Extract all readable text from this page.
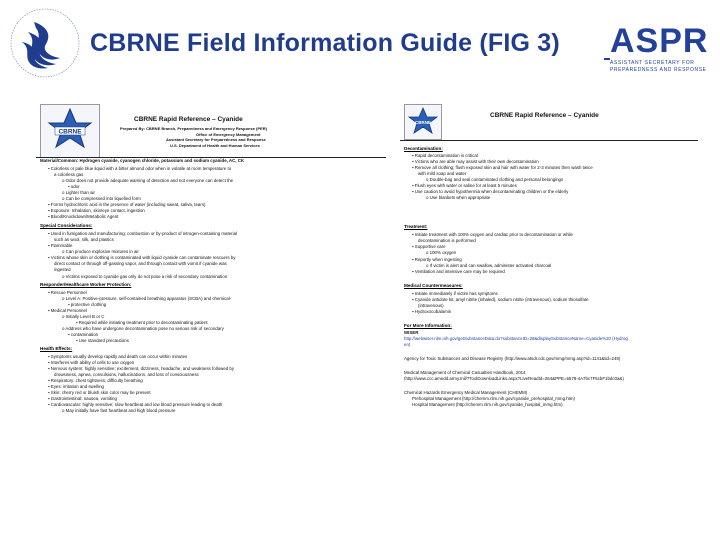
CBRNE Field Information Guide (FIG 3) ASPR
ASSISTANT SECRETARY FOR
PREPAREDNESS AND RESPONSE
CBRNE
CBRNE Rapid Reference – Cyanide
Prepared By: CBRNE Branch, Preparedness and Emergency Response (PER)
Office of Emergency Management
Assistant Secretary for Preparedness and Response
U.S. Department of Health and Human Services
Material/Common: Hydrogen cyanide, cyanogen chloride, potassium and sodium cyanide, AC, CK
▪ Colorless or pale blue liquid with a bitter almond odor when in volatile at room temperature to
a colorless gas
o Odor does not provide adequate warning of detection and not everyone can detect the
▪ odor
o Lighter than air
o Can be compressed into liquefied form
▪ Forms hydrochloric acid in the presence of water (including sweat, saliva, tears)
▪ Exposure: Inhalation, skin/eye contact, ingestion
▪ Blood/Knockdown/Metabolic Agent
Special Considerations:
▪ Used in fumigation and manufacturing; combustion or by-product of nitrogen-containing material
such as wool, silk, and plastics
▪ Flammable
o Can produce explosive mixtures in air
▪ Victims whose skin or clothing is contaminated with liquid cyanide can contaminate rescuers by
direct contact or through off-gassing vapor, and through contact with vomit if cyanide was
ingested
o Victims exposed to cyanide gas only do not pose a risk of secondary contamination
Responder/Healthcare Worker Protection:
▪ Rescue Personnel
o Level A: Positive-pressure, self-contained breathing apparatus (SCBA) and chemical-
▪ protective clothing
▪ Medical Personnel
o Initially Level B or C
▪ Required while initiating treatment prior to decontaminating patient
o Address who have undergone decontamination pose no serious risk of secondary
▪ contamination
▪ Use standard precautions
Health Effects:
▪ Symptoms usually develop rapidly and death can occur within minutes
▪ Interferes with ability of cells to use oxygen
▪ Nervous system: highly sensitive; excitement, dizziness, headache, and weakness followed by
drowsiness, apnea, convulsions, hallucinations, and loss of consciousness
▪ Respiratory: chest tightness; difficulty breathing
▪ Eyes: irritation and swelling
▪ Skin: cherry red or bluish skin color may be present
▪ Gastrointestinal: nausea, vomiting
▪ Cardiovascular: highly sensitive; slow heartbeat and low blood pressure leading to death
o May initially have fast heartbeat and high blood pressure
CBRNE
CBRNE Rapid Reference – Cyanide
Decontamination:
▪ Rapid decontamination is critical
▪ Victims who are able may assist with their own decontamination
▪ Remove all clothing; flush exposed skin and hair with water for 2-3 minutes then wash twice
with mild soap and water
o Double-bag and seal contaminated clothing and personal belongings
▪ Flush eyes with water or saline for at least 5 minutes
▪ Use caution to avoid hypothermia when decontaminating children or the elderly
o Use blankets when appropriate
Treatment:
▪ Initiate treatment with 100% oxygen and cardiac prior to decontamination or while
decontamination is performed
▪ Supportive care
o 100% oxygen
▪ Reportly when ingesting
o If victim is alert and can swallow, administer activated charcoal
▪ Ventilation and intensive care may be required
Medical Countermeasures:
▪ Initiate immediately if victim has symptoms
▪ Cyanide antidote kit, amyl nitrite (inhaled), sodium nitrite (intravenous), sodium thiosulfate
(intravenous)
▪ Hydroxocobalamin
For More Information:
WISER
http://webwiser.nlm.nih.gov/getSubstanceData.do?substanceID=28&displaySubstanceName=Cyanide%20 (Hydrog
en)
Agency for Toxic Substances and Disease Registry (http://www.atsdr.cdc.gov/mmg/mmg.asp?id=1141&tid=249)
Medical Management of Chemical Casualties Handbook, 2014
(http://www.ccc.amedd.army.mil/?ToolDownloadLinks.aspx?LiveReadId=264&PPE=5578-4A7bc7F5cbF1bdc0a&)
Chemical Hazards Emergency Medical Management (CHEMM)
Prehospital Management (http://chemm.nlm.nih.gov/cyanide_prehospital_mmg.htm)
Hospital Management (http://chemm.nlm.nih.gov/cyanide_hospital_mmg.htm)
